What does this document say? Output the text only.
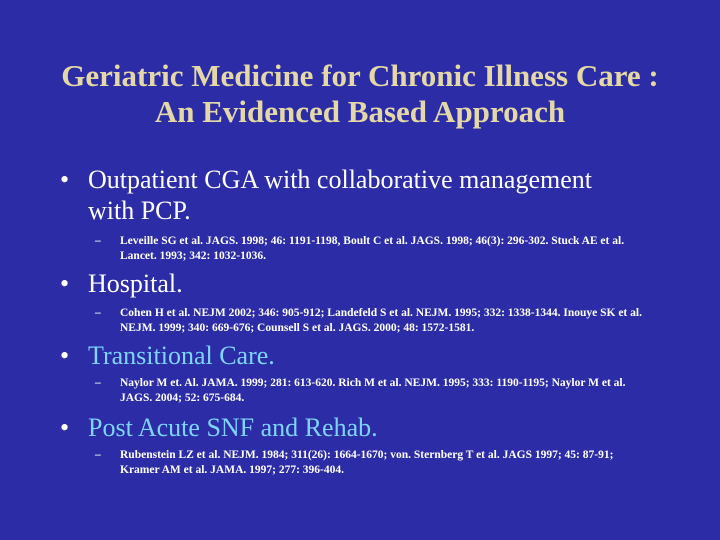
Geriatric Medicine for Chronic Illness Care :
An Evidenced Based Approach
• Outpatient CGA with collaborative management
with PCP.
– Leveille SG et al. JAGS. 1998; 46: 1191-1198, Boult C et al. JAGS. 1998; 46(3): 296-302. Stuck AE et al.
Lancet. 1993; 342: 1032-1036.
• Hospital.
– Cohen H et al. NEJM 2002; 346: 905-912; Landefeld S et al. NEJM. 1995; 332: 1338-1344. Inouye SK et al.
NEJM. 1999; 340: 669-676; Counsell S et al. JAGS. 2000; 48: 1572-1581.
• Transitional Care.
– Naylor M et. Al. JAMA. 1999; 281: 613-620. Rich M et al. NEJM. 1995; 333: 1190-1195; Naylor M et al.
JAGS. 2004; 52: 675-684.
• Post Acute SNF and Rehab.
– Rubenstein LZ et al. NEJM. 1984; 311(26): 1664-1670; von. Sternberg T et al. JAGS 1997; 45: 87-91;
Kramer AM et al. JAMA. 1997; 277: 396-404.
